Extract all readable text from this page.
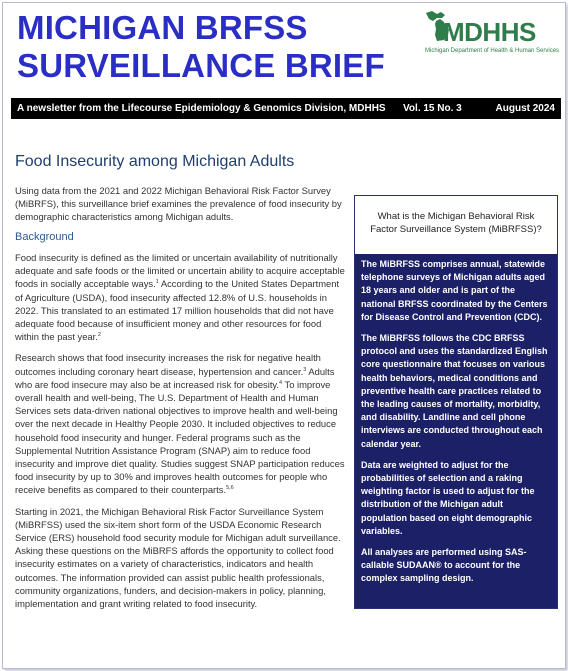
MICHIGAN BRFSS
SURVEILLANCE BRIEF
MDHHS
Michigan Department of Health & Human Services
A newsletter from the Lifecourse Epidemiology & Genomics Division, MDHHS	Vol. 15 No. 3	August 2024
Food Insecurity among Michigan Adults

Using data from the 2021 and 2022 Michigan Behavioral Risk Factor Survey (MiBRFS), this surveillance brief examines the prevalence of food insecurity by demographic characteristics among Michigan adults.

Background

Food insecurity is defined as the limited or uncertain availability of nutritionally adequate and safe foods or the limited or uncertain ability to acquire acceptable foods in socially acceptable ways.$^1$ According to the United States Department of Agriculture (USDA), food insecurity affected 12.8% of U.S. households in 2022. This translated to an estimated 17 million households that did not have adequate food because of insufficient money and other resources for food within the past year.$^2$

Research shows that food insecurity increases the risk for negative health outcomes including coronary heart disease, hypertension and cancer.$^3$ Adults who are food insecure may also be at increased risk for obesity.$^4$ To improve overall health and well-being, The U.S. Department of Health and Human Services sets data-driven national objectives to improve health and well-being over the next decade in Healthy People 2030. It included objectives to reduce household food insecurity and hunger. Federal programs such as the Supplemental Nutrition Assistance Program (SNAP) aim to reduce food insecurity and improve diet quality. Studies suggest SNAP participation reduces food insecurity by up to 30% and improves health outcomes for people who receive benefits as compared to their counterparts.$^{5,6}$

Starting in 2021, the Michigan Behavioral Risk Factor Surveillance System (MiBRFSS) used the six-item short form of the USDA Economic Research Service (ERS) household food security module for Michigan adult surveillance. Asking these questions on the MiBRFS affords the opportunity to collect food insecurity estimates on a variety of characteristics, indicators and health outcomes. The information provided can assist public health professionals, community organizations, funders, and decision-makers in policy, planning, implementation and grant writing related to food insecurity.

What is the Michigan Behavioral Risk Factor Surveillance System (MiBRFSS)?

The MiBRFSS comprises annual, statewide telephone surveys of Michigan adults aged 18 years and older and is part of the national BRFSS coordinated by the Centers for Disease Control and Prevention (CDC).

The MiBRFSS follows the CDC BRFSS protocol and uses the standardized English core questionnaire that focuses on various health behaviors, medical conditions and preventive health care practices related to the leading causes of mortality, morbidity, and disability. Landline and cell phone interviews are conducted throughout each calendar year.

Data are weighted to adjust for the probabilities of selection and a raking weighting factor is used to adjust for the distribution of the Michigan adult population based on eight demographic variables.

All analyses are performed using SAS-callable SUDAAN® to account for the complex sampling design.
